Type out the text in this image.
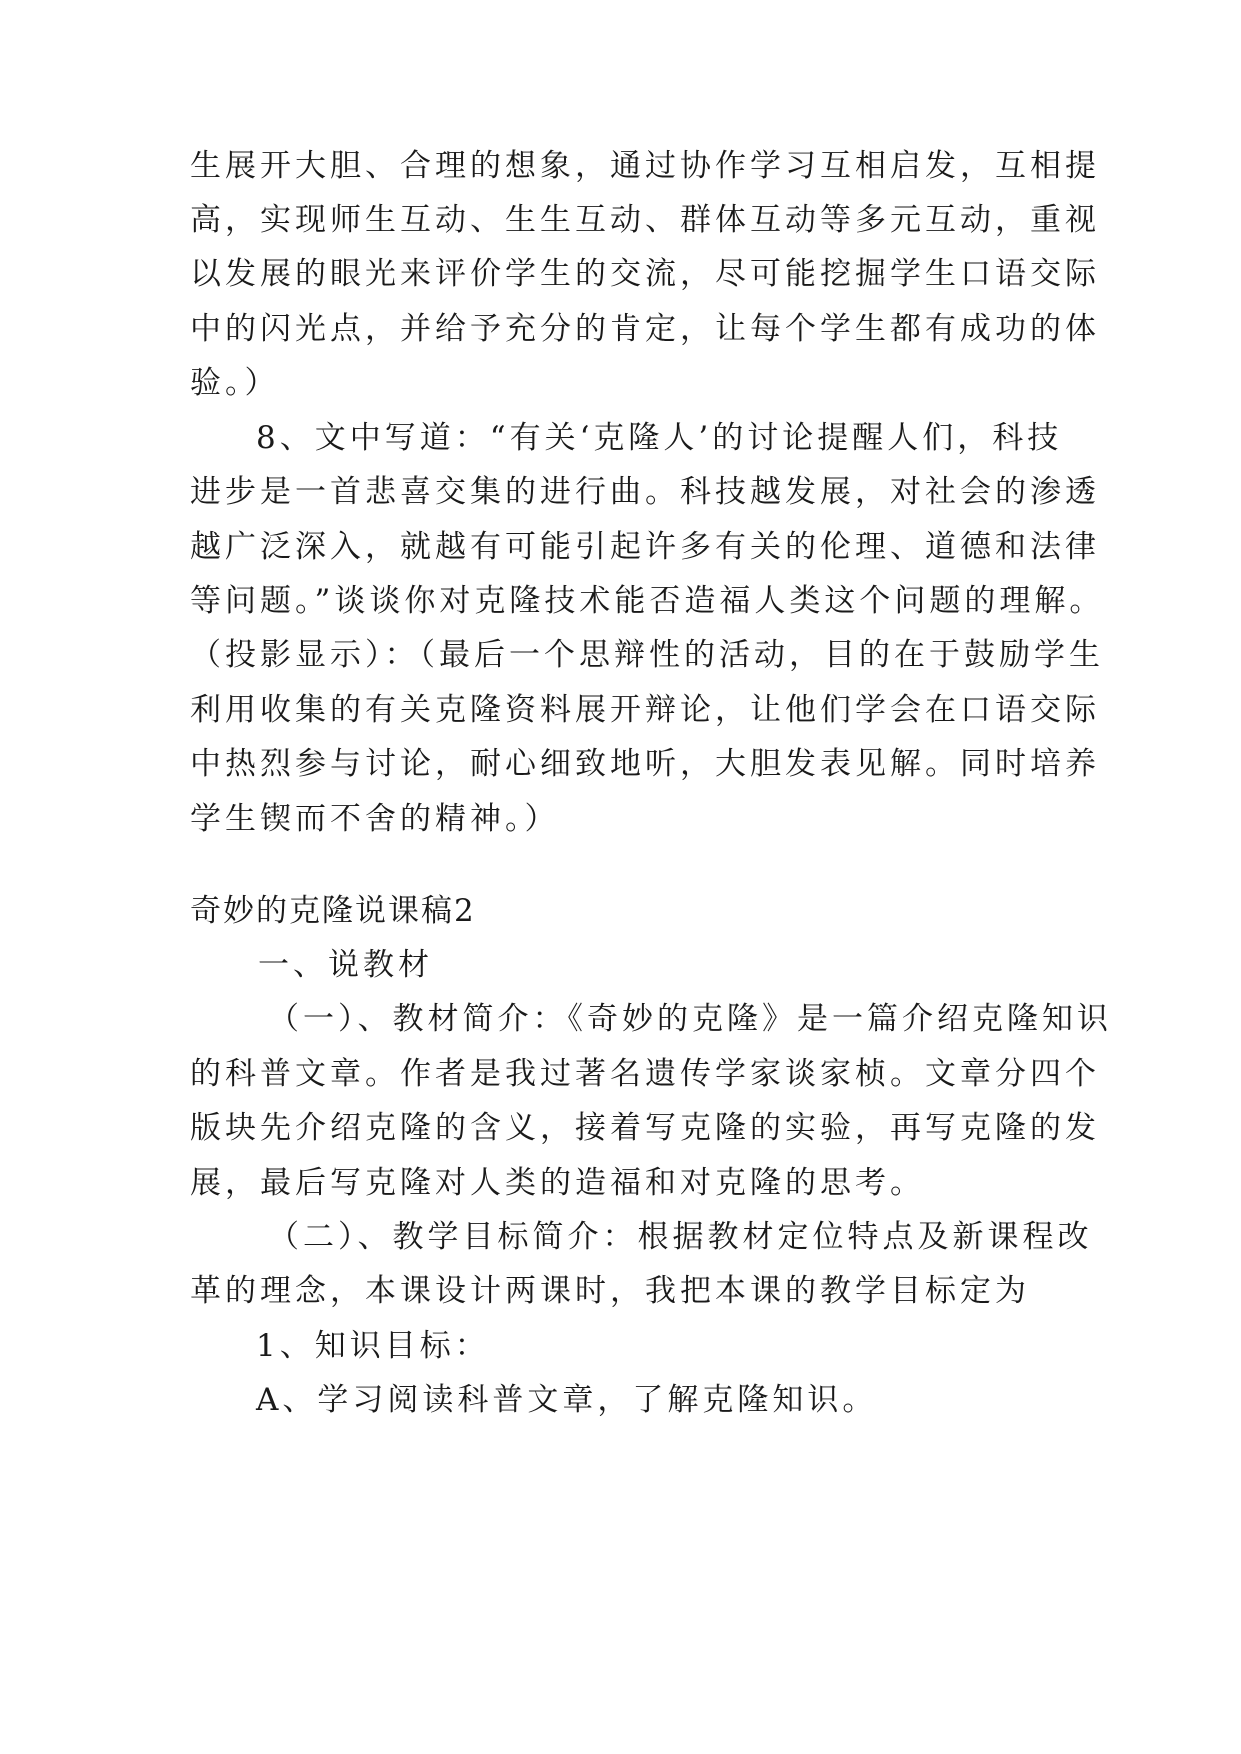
生展开大胆、合理的想象，通过协作学习互相启发，互相提

高，实现师生互动、生生互动、群体互动等多元互动，重视

以发展的眼光来评价学生的交流，尽可能挖掘学生口语交际

中的闪光点，并给予充分的肯定，让每个学生都有成功的体

验。）

8、文中写道：“有关‘克隆人’的讨论提醒人们，科技

进步是一首悲喜交集的进行曲。科技越发展，对社会的渗透

越广泛深入，就越有可能引起许多有关的伦理、道德和法律

等问题。”谈谈你对克隆技术能否造福人类这个问题的理解。

（投影显示）：（最后一个思辩性的活动，目的在于鼓励学生

利用收集的有关克隆资料展开辩论，让他们学会在口语交际

中热烈参与讨论，耐心细致地听，大胆发表见解。同时培养

学生锲而不舍的精神。）

奇妙的克隆说课稿2

一、说教材

（一）、教材简介：《奇妙的克隆》是一篇介绍克隆知识

的科普文章。作者是我过著名遗传学家谈家桢。文章分四个

版块先介绍克隆的含义，接着写克隆的实验，再写克隆的发

展，最后写克隆对人类的造福和对克隆的思考。

（二）、教学目标简介：根据教材定位特点及新课程改

革的理念，本课设计两课时，我把本课的教学目标定为

1、知识目标：

A、学习阅读科普文章，了解克隆知识。
